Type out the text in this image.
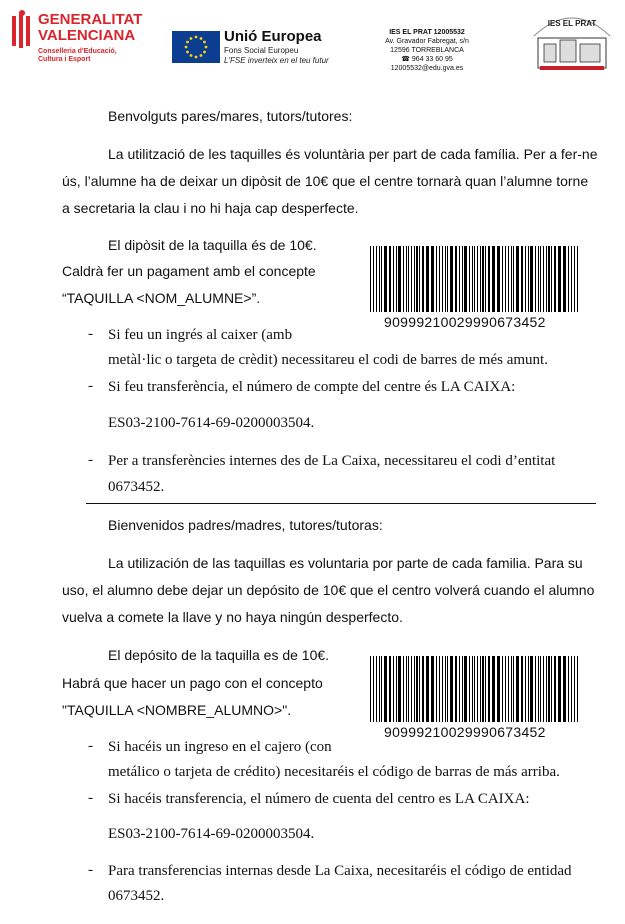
GENERALITAT
VALENCIANA
Conselleria d'Educació,
Cultura i Esport
Unió Europea
Fons Social Europeu
L'FSE inverteix en el teu futur
IES EL PRAT 12005532
Av. Gravador Fabregat, s/n
12596 TORREBLANCA
☎ 964 33 60 95
12005532@edu.gva.es
IES EL PRAT
Benvolguts pares/mares, tutors/tutores:
La utilització de les taquilles és voluntària per part de cada família. Per a fer-ne
ús, l’alumne ha de deixar un dipòsit de 10€ que el centre tornarà quan l’alumne torne
a secretaria la clau i no hi haja cap desperfecte.
El dipòsit de la taquilla és de 10€.
Caldrà fer un pagament amb el concepte
“TAQUILLA <NOM_ALUMNE>”.
90999210029990673452
- Si feu un ingrés al caixer (amb
metàl·lic o targeta de crèdit) necessitareu el codi de barres de més amunt.
- Si feu transferència, el número de compte del centre és LA CAIXA:
ES03-2100-7614-69-0200003504.
- Per a transferències internes des de La Caixa, necessitareu el codi d’entitat
0673452.
Bienvenidos padres/madres, tutores/tutoras:
La utilización de las taquillas es voluntaria por parte de cada familia. Para su
uso, el alumno debe dejar un depósito de 10€ que el centro volverá cuando el alumno
vuelva a comete la llave y no haya ningún desperfecto.
El depósito de la taquilla es de 10€.
Habrá que hacer un pago con el concepto
"TAQUILLA <NOMBRE_ALUMNO>".
90999210029990673452
- Si hacéis un ingreso en el cajero (con
metálico o tarjeta de crédito) necesitaréis el código de barras de más arriba.
- Si hacéis transferencia, el número de cuenta del centro es LA CAIXA:
ES03-2100-7614-69-0200003504.
- Para transferencias internas desde La Caixa, necesitaréis el código de entidad
0673452.
